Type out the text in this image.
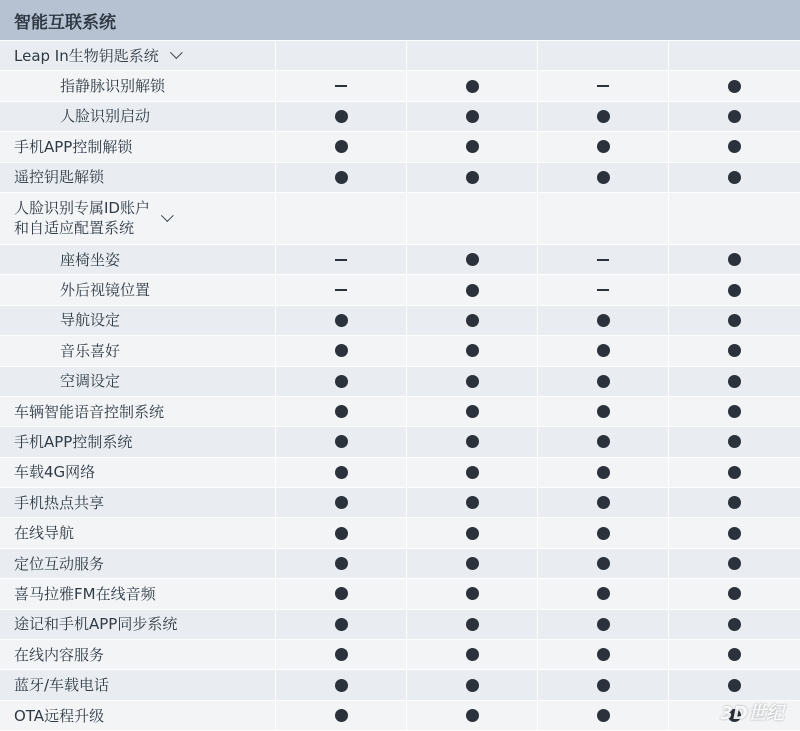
智能互联系统
Leap In生物钥匙系统
指静脉识别解锁
人脸识别启动
手机APP控制解锁
遥控钥匙解锁
人脸识别专属ID账户
和自适应配置系统
座椅坐姿
外后视镜位置
导航设定
音乐喜好
空调设定
车辆智能语音控制系统
手机APP控制系统
车载4G网络
手机热点共享
在线导航
定位互动服务
喜马拉雅FM在线音频
途记和手机APP同步系统
在线内容服务
蓝牙/车载电话
OTA远程升级	3D世纪
